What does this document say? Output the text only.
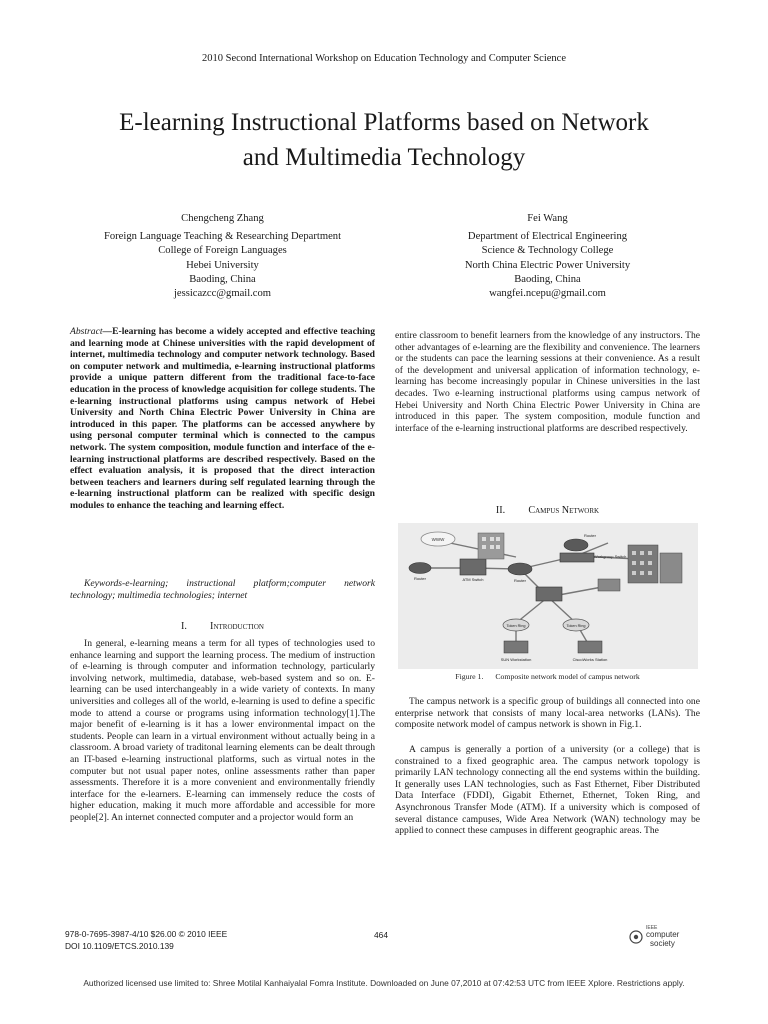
2010 Second International Workshop on Education Technology and Computer Science
E-learning Instructional Platforms based on Network
and Multimedia Technology
Chengcheng Zhang
Foreign Language Teaching & Researching Department
College of Foreign Languages
Hebei University
Baoding, China
jessicazcc@gmail.com
Fei Wang
Department of Electrical Engineering
Science & Technology College
North China Electric Power University
Baoding, China
wangfei.ncepu@gmail.com

Abstract—E-learning has become a widely accepted and effective teaching and learning mode at Chinese universities with the rapid development of internet, multimedia technology and computer network technology. Based on computer network and multimedia, e-learning instructional platforms provide a unique pattern different from the traditional face-to-face education in the process of knowledge acquisition for college students. The e-learning instructional platforms using campus network of Hebei University and North China Electric Power University in China are introduced in this paper. The platforms can be accessed anywhere by using personal computer terminal which is connected to the campus network. The system composition, module function and interface of the e-learning instructional platforms are described respectively. Based on the effect evaluation analysis, it is proposed that the direct interaction between teachers and learners during self regulated learning through the e-learning instructional platform can be realized with specific design modules to enhance the teaching and learning effect.

Keywords-e-learning; instructional platform;computer network technology; multimedia technologies; internet
I. Introduction
In general, e-learning means a term for all types of technologies used to enhance learning and support the learning process. The medium of instruction of e-learning is through computer and information technology, particularly involving network, multimedia, database, web-based system and so on. E-learning can be used interchangeably in a wide variety of contexts. In many universities and colleges all of the world, e-learning is used to define a specific mode to attend a course or programs using information technology[1].The major benefit of e-learning is it has a lower environmental impact on the students. People can learn in a virtual environment without actually being in a classroom. A broad variety of traditonal learning elements can be dealt through an IT-based e-learning instructional platforms, such as virtual notes in the computer but not usual paper notes, online assessments rather than paper assessments. Therefore it is a more convenient and environmentally friendly interface for the e-learners. E-learning can immensely reduce the costs of higher education, making it much more affordable and accessible for more people[2]. An internet connected computer and a projector would form an
entire classroom to benefit learners from the knowledge of any instructors. The other advantages of e-learning are the flexibility and convenience. The learners or the students can pace the learning sessions at their convenience. As a result of the development and universal application of information technology, e-learning has become increasingly popular in Chinese universities in the last decades. Two e-learning instructional platforms using campus network of Hebei University and North China Electric Power University in China are introduced in this paper. The system composition, module function and interface of the e-learning instructional platforms are described respectively.
II. Campus Network
WWW
Router	ATM Switch	Router
Router
Workgroup Switch
Token Ring	Token Ring
SUN Workstation	CiscoWorks Station
Figure 1. Composite network model of campus network
The campus network is a specific group of buildings all connected into one enterprise network that consists of many local-area networks (LANs). The composite network model of campus network is shown in Fig.1.
A campus is generally a portion of a university (or a college) that is constrained to a fixed geographic area. The campus network topology is primarily LAN technology connecting all the end systems within the building. It generally uses LAN technologies, such as Fast Ethernet, Fiber Distributed Data Interface (FDDI), Gigabit Ethernet, Ethernet, Token Ring, and Asynchronous Transfer Mode (ATM). If a university which is composed of several distance campuses, Wide Area Network (WAN) technology may be applied to connect these campuses in different geographic areas. The
978-0-7695-3987-4/10 $26.00 © 2010 IEEE
DOI 10.1109/ETCS.2010.139
464
IEEE
computer
society
Authorized licensed use limited to: Shree Motilal Kanhaiyalal Fomra Institute. Downloaded on June 07,2010 at 07:42:53 UTC from IEEE Xplore. Restrictions apply.
